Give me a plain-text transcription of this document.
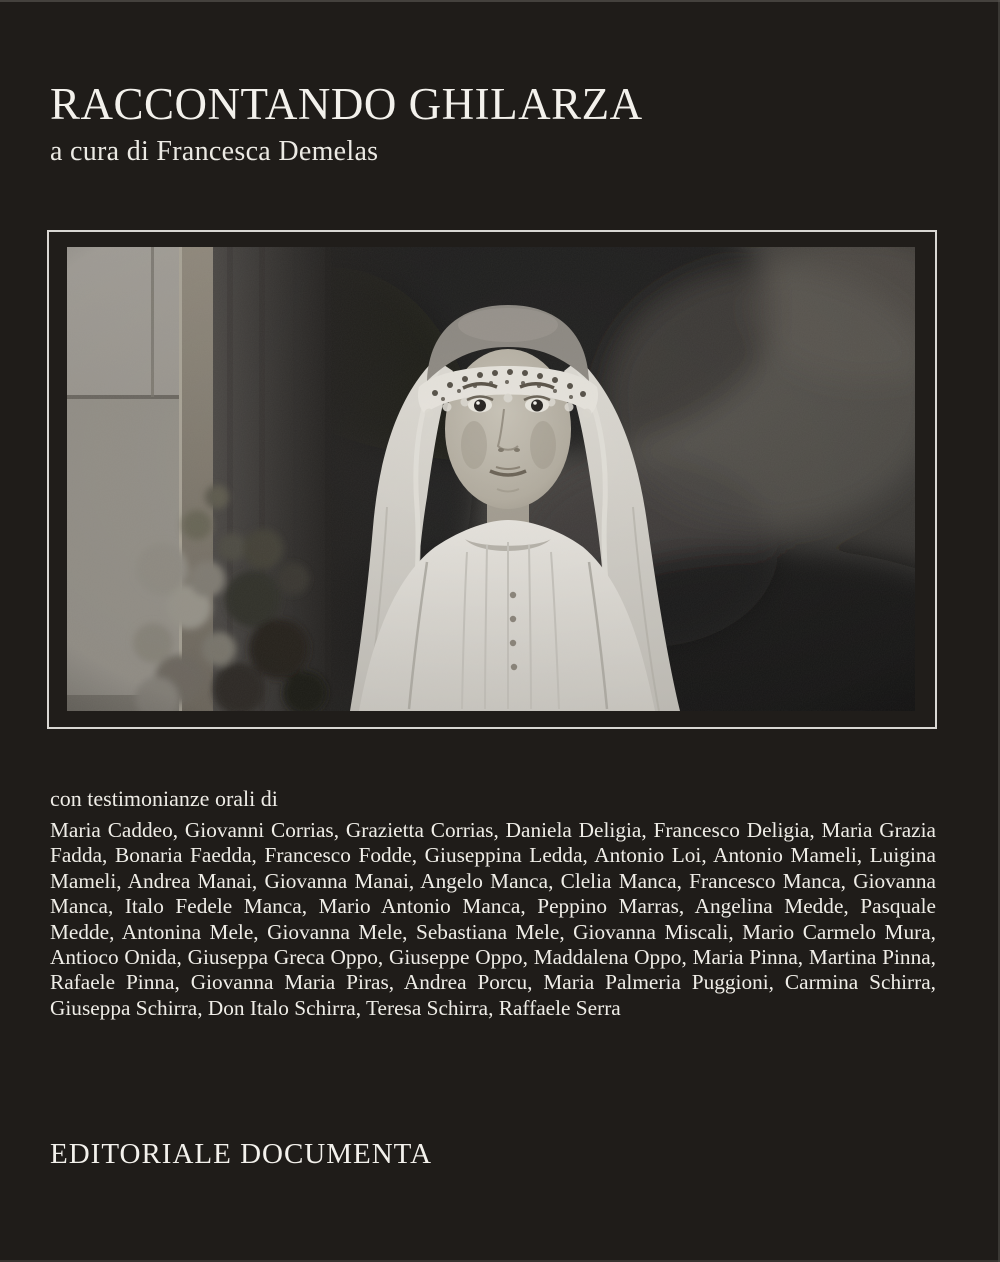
RACCONTANDO GHILARZA
a cura di Francesca Demelas
con testimonianze orali di
Maria Caddeo, Giovanni Corrias, Grazietta Corrias, Daniela Deligia, Francesco Deligia, Maria Grazia Fadda, Bonaria Faedda, Francesco Fodde, Giuseppina Ledda, Antonio Loi, Antonio Mameli, Luigina Mameli, Andrea Manai, Giovanna Manai, Angelo Manca, Clelia Manca, Francesco Manca, Giovanna Manca, Italo Fedele Manca, Mario Antonio Manca, Peppino Marras, Angelina Medde, Pasquale Medde, Antonina Mele, Giovanna Mele, Sebastiana Mele, Giovanna Miscali, Mario Carmelo Mura, Antioco Onida, Giuseppa Greca Oppo, Giuseppe Oppo, Maddalena Oppo, Maria Pinna, Martina Pinna, Rafaele Pinna, Giovanna Maria Piras, Andrea Porcu, Maria Palmeria Puggioni, Carmina Schirra, Giuseppa Schirra, Don Italo Schirra, Teresa Schirra, Raffaele Serra
EDITORIALE DOCUMENTA
